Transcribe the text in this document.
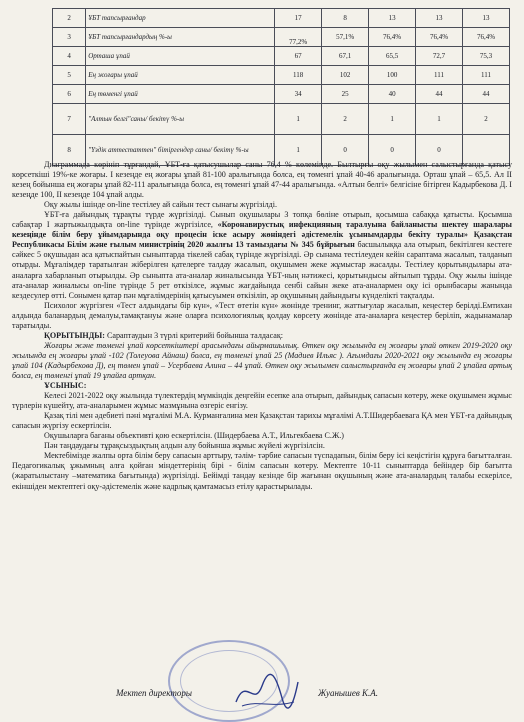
2	ҰБТ тапсырғандар	17	8	13	13	13
3	ҰБТ тапсырғандардың %-ы	77,2%	57,1%	76,4%	76,4%	76,4%
4	Орташа ұпай	67	67,1	65,5	72,7	75,3
5	Ең жоғары ұпай	118	102	100	111	111
6	Ең төменгі ұпай	34	25	40	44	44
7	"Алтын белгі"саны/ бекітү %-ы	1	2	1	1	2
8	"Үздік аттестаттен" бітіргендер саны/ бекітү %-ы	1	0	0	0	

Диаграммада көрініп тұрғандай, ҰБТ-ға қатысушылар саны 76,4 % көлемінде. Былтырғы оқу жылымен салыстырғанда қатысу көрсеткіші 19%-ке жоғары. I кезеңде ең жоғары ұпай 81-100 аралығында болса, ең төменгі ұпай 40-46 аралығында. Орташ ұпай – 65,5. Ал II кезең бойынша ең жоғары ұпай 82-111 аралығында болса, ең төменгі ұпай 47-44 аралығында. «Алтын белгі» белгісіне бітірген Кадырбекова Д. I кезеңде 100, II кезеңде 104 ұпай алды.

Оқу жылы ішінде on-line тестілеу ай сайын тест сынағы жүргізілді.

ҰБТ-ға дайындық тұрақты түрде жүргізілді. Сынып оқушылары 3 топқа бөліне отырып, қосымша сабаққа қатысты. Қосымша сабақтар I жартыжылдықта on-line түрінде жүргізілсе, «Коронавирустық инфекцияның таралуына байланысты шектеу шаралары кезеңінде білім беру ұйымдарында оқу процесін іске асыру жөніндегі әдістемелік ұсынымдарды бекіту туралы» Қазақстан Республикасы Білім және ғылым министрінің 2020 жылғы 13 тамыздағы № 345 бұйрығын басшылыққа ала отырып, бекітілген кестеге сәйкес 5 оқушыдан аса қатыспайтын сыныптарда тікелей сабақ түрінде жүргізілді. Әр сынама тестілеуден кейін сараптама жасалып, талданып отырды. Мұғалімдер таратылған жіберілген қателерге талдау жасалып, оқушымен жеке жұмыстар жасалды. Тестілеу қорытындылары ата-аналарға хабарланып отырылды. Әр сыныпта ата-аналар жиналысында ҰБТ-ның нәтижесі, қорытындысы айтылып тұрды. Оқу жылы ішінде ата-аналар жиналысы on-line түрінде 5 рет өткізілсе, жұмыс жағдайында сенбі сайын жеке ата-аналармен оқу ісі орынбасары жанында кездесулер өтті. Сонымен қатар пән мұғалімдерінің қатысуымен өткізіліп, әр оқушының дайындығы күнделікті тақталды.

Психолог жүргізген «Тест алдындағы бір күн», «Тест өтетін күн» жөнінде тренинг, жаттығулар жасалып, кеңестер берілді.Емтихан алдында баланардың демалуы,тамақтануы және оларға психологиялық қолдау көрсету жөнінде ата-аналарға кеңестер беріліп, жадынамалар таратылды.

ҚОРЫТЫНДЫ: Сараптаудын 3 түрлі критерийі бойынша талдасақ:

Жоғары және төменгі ұпай көрсеткіштері арасындағы айырмашылық. Өткен оқу жылында ең жоғары ұпай өткен 2019-2020 оқу жылында ең жоғары ұпай -102 (Толеуова Айнаш) болса, ең төменгі ұпай 25 (Мадиев Ильяс ). Ағымдағы 2020-2021 оқу жылында ең жоғары ұпай 104 (Кадырбекова Д), ең төмен ұпай – Усербаева Алина – 44 ұпай. Өткен оқу жылымен салыстырғанда ең жоғары ұпай 2 ұпайға артық болса, ең төменгі ұпай 19 ұпайға артқан.

ҰСЫНЫС:

Келесі 2021-2022 оқу жылында түлектердің мүмкіндік деңгейін есепке ала отырып, дайындық сапасын көтеру, жеке оқушымен жұмыс түрлерін күшейту, ата-аналарымен жұмыс мазмұнына өзгеріс енгізу.

Қазақ тілі мен әдебиеті пәні мұғалімі М.А. Курманғалина мен Қазақстан тарихы мұғалімі А.Т.Шидербаевага ҚА мен ҰБТ-ға дайындық сапасын жүргізу ескертілсін.

Оқушыларға баганы объективті қою ескертілсін. (Шидербаева А.Т., Ильгекбаева С.Ж.)

Пән таңдаудағы тұрақсыздықтың алдын алу бойынша жұмыс жүйелі жүргізілсін.

Мектебімізде жалпы орта білім беру сапасын арттыру, тәлім- тәрбие сапасын түспадапын, білім беру ісі кеңістігін құруға бағытталған. Педагогикалық ұжымның алға қойған міндеттерінің бірі - білім сапасын көтеру. Мектепте 10-11 сыныптарда бейіндер бір бағытта (жаратылыстану –математика бағытында) жүргізілді. Бейімді тандау кезінде бір жағынан оқушының және ата-аналардың талабы ескерілсе, екіншіден мектептегі оқу-әдістемелік және кадрлық қамтамасыз етілу қарастырылады.

Мектеп директоры	Жуанышев К.А.
